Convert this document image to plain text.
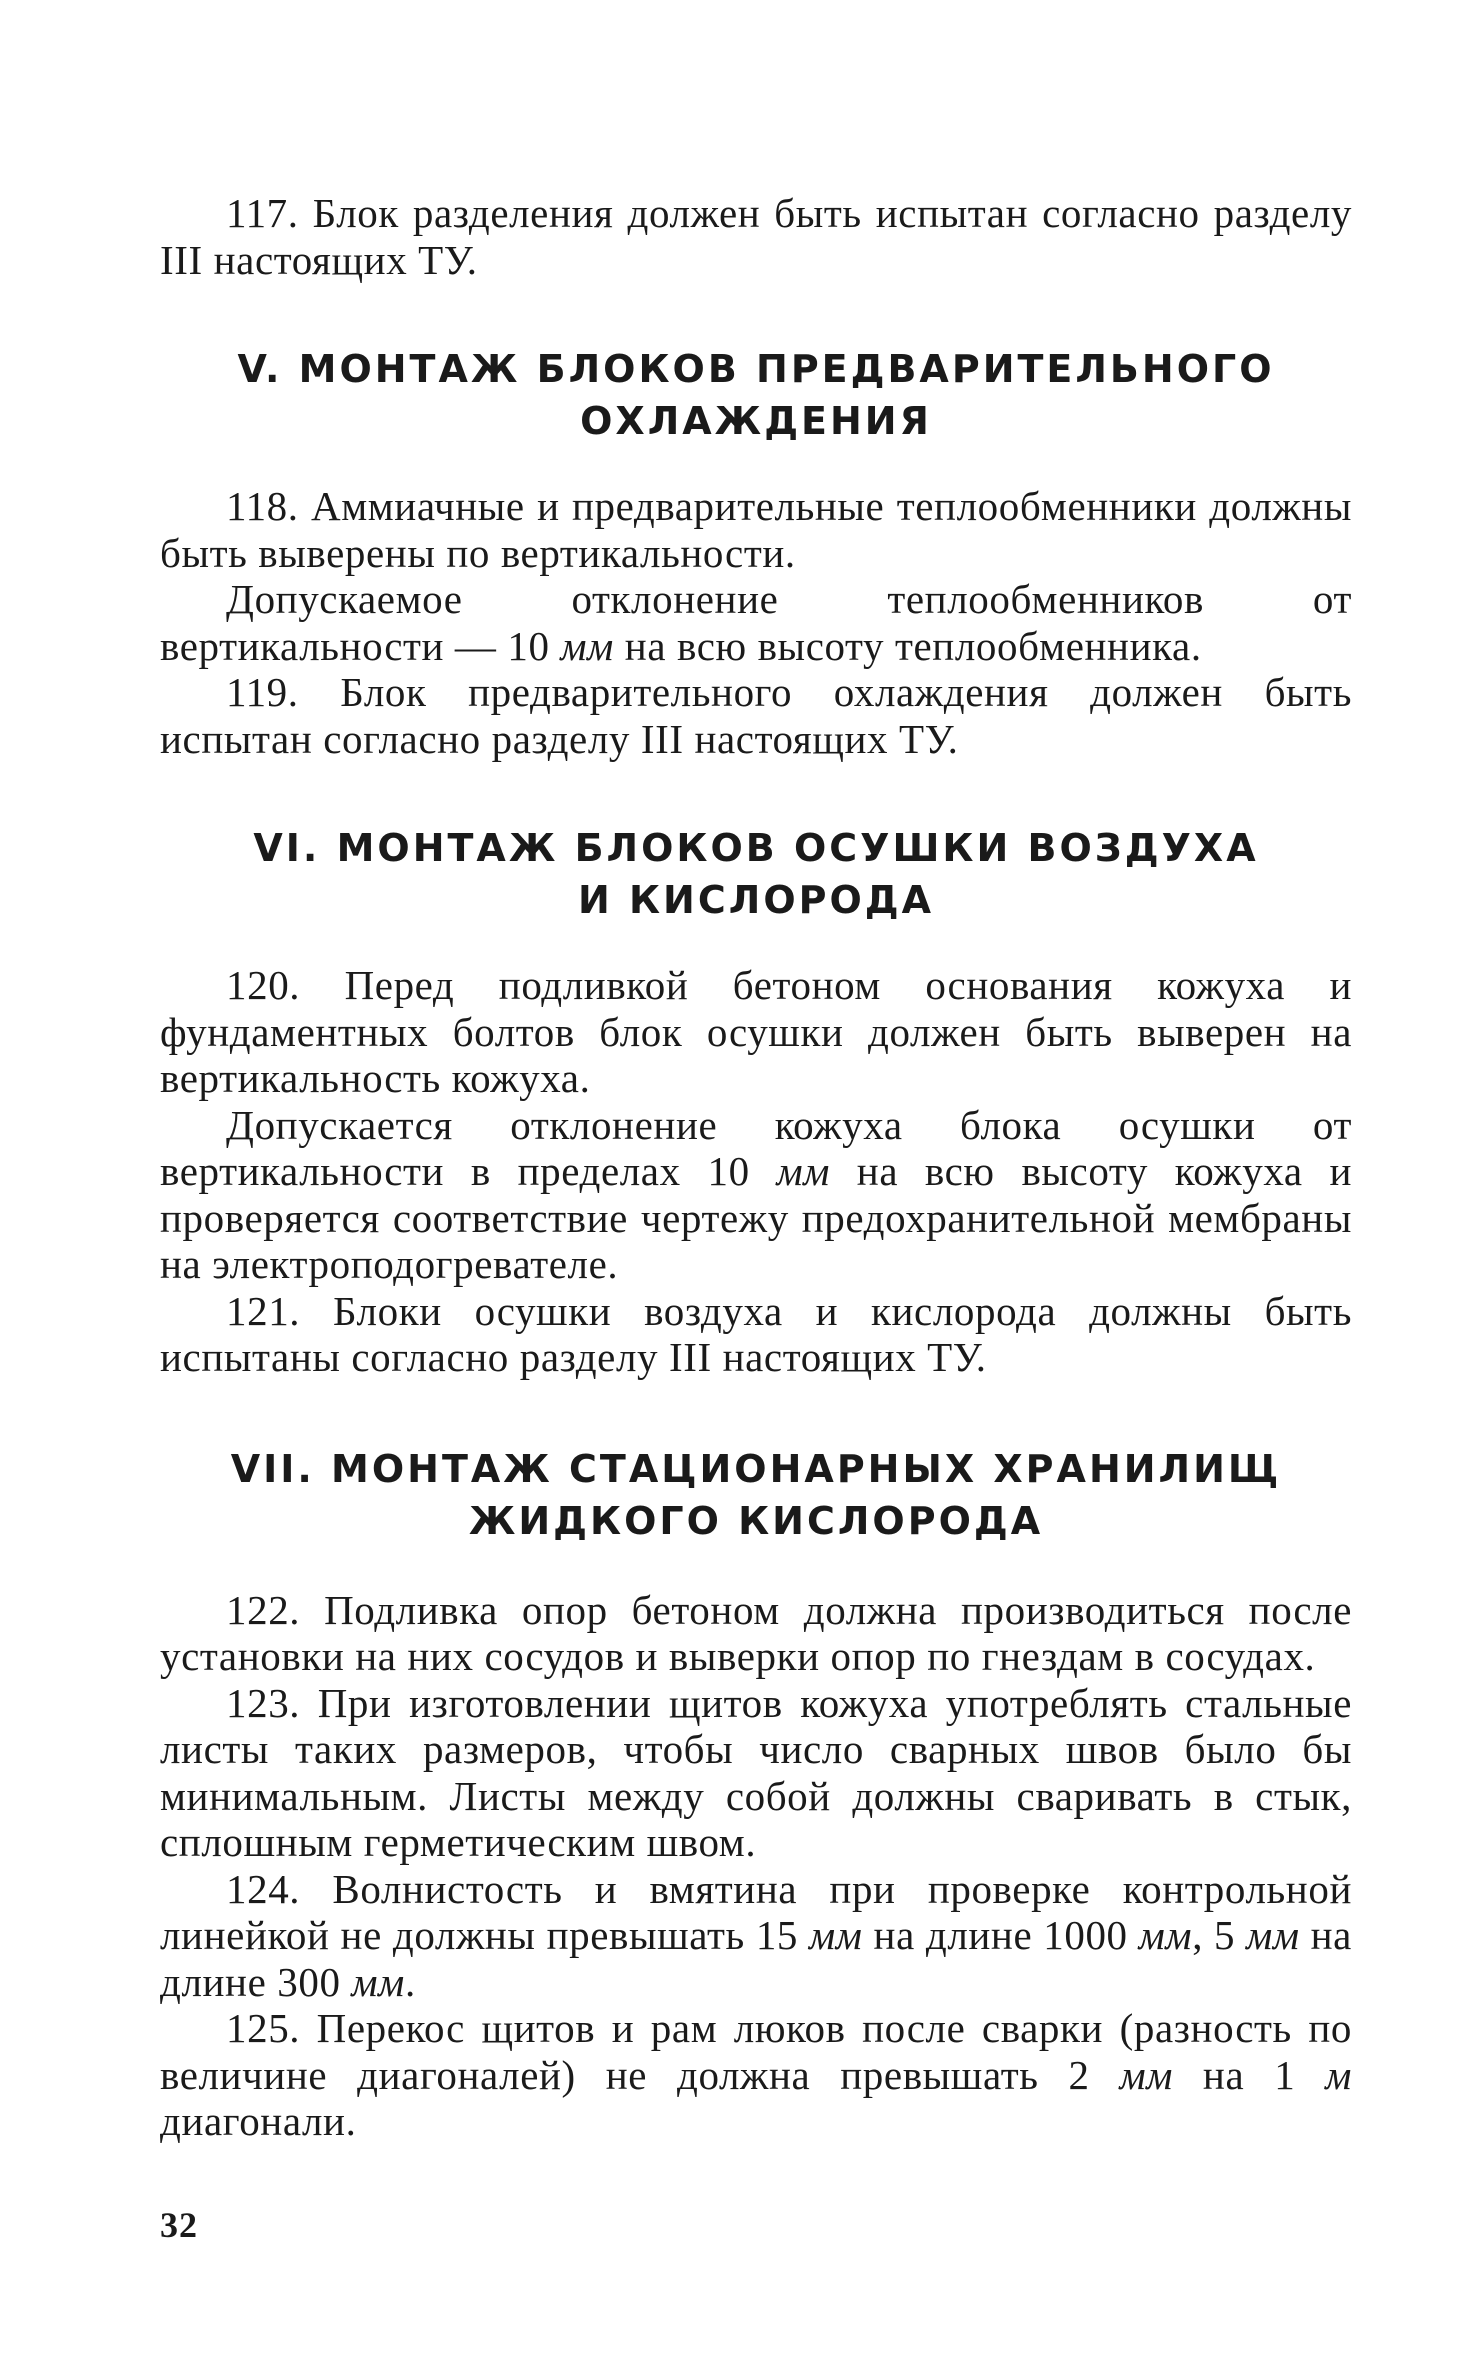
117. Блок разделения должен быть испытан согласно разделу III настоящих ТУ.

V. МОНТАЖ БЛОКОВ ПРЕДВАРИТЕЛЬНОГО
ОХЛАЖДЕНИЯ

118. Аммиачные и предварительные теплообменники должны быть выверены по вертикальности.

Допускаемое отклонение теплообменников от вертикальности — 10 мм на всю высоту теплообменника.

119. Блок предварительного охлаждения должен быть испытан согласно разделу III настоящих ТУ.

VI. МОНТАЖ БЛОКОВ ОСУШКИ ВОЗДУХА
И КИСЛОРОДА

120. Перед подливкой бетоном основания кожуха и фундаментных болтов блок осушки должен быть выверен на вертикальность кожуха.

Допускается отклонение кожуха блока осушки от вертикальности в пределах 10 мм на всю высоту кожуха и проверяется соответствие чертежу предохранительной мембраны на электроподогревателе.

121. Блоки осушки воздуха и кислорода должны быть испытаны согласно разделу III настоящих ТУ.

VII. МОНТАЖ СТАЦИОНАРНЫХ ХРАНИЛИЩ
ЖИДКОГО КИСЛОРОДА

122. Подливка опор бетоном должна производиться после установки на них сосудов и выверки опор по гнездам в сосудах.

123. При изготовлении щитов кожуха употреблять стальные листы таких размеров, чтобы число сварных швов было бы минимальным. Листы между собой должны сваривать в стык, сплошным герметическим швом.

124. Волнистость и вмятина при проверке контрольной линейкой не должны превышать 15 мм на длине 1000 мм, 5 мм на длине 300 мм.

125. Перекос щитов и рам люков после сварки (разность по величине диагоналей) не должна превышать 2 мм на 1 м диагонали.

32
